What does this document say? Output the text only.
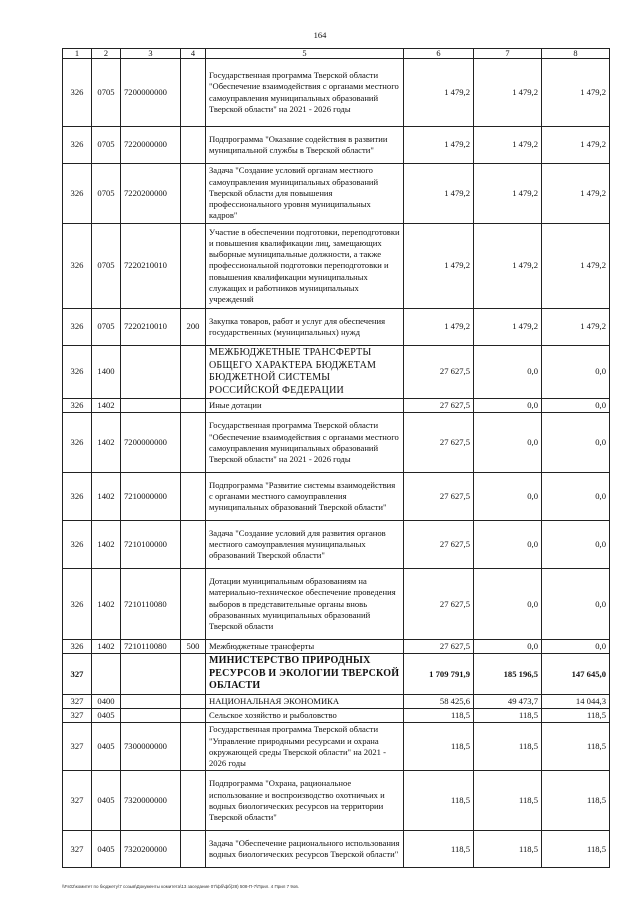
164
1	2	3	4	5	6	7	8
326	0705	7200000000		Государственная программа Тверской области "Обеспечение взаимодействия с органами местного самоуправления муниципальных образований Тверской области" на 2021 - 2026 годы	1 479,2	1 479,2	1 479,2
326	0705	7220000000		Подпрограмма "Оказание содействия в развитии муниципальной службы в Тверской области"	1 479,2	1 479,2	1 479,2
326	0705	7220200000		Задача "Создание условий органам местного самоуправления муниципальных образований Тверской области для повышения профессионального уровня муниципальных кадров"	1 479,2	1 479,2	1 479,2
326	0705	7220210010		Участие в обеспечении подготовки, переподготовки и повышения квалификации лиц, замещающих выборные муниципальные должности, а также профессиональной подготовки переподготовки и повышения квалификации муниципальных служащих и работников муниципальных учреждений	1 479,2	1 479,2	1 479,2
326	0705	7220210010	200	Закупка товаров, работ и услуг для обеспечения государственных (муниципальных) нужд	1 479,2	1 479,2	1 479,2
326	1400			МЕЖБЮДЖЕТНЫЕ ТРАНСФЕРТЫ ОБЩЕГО ХАРАКТЕРА БЮДЖЕТАМ БЮДЖЕТНОЙ СИСТЕМЫ РОССИЙСКОЙ ФЕДЕРАЦИИ	27 627,5	0,0	0,0
326	1402			Иные дотации	27 627,5	0,0	0,0
326	1402	7200000000		Государственная программа Тверской области "Обеспечение взаимодействия с органами местного самоуправления муниципальных образований Тверской области" на 2021 - 2026 годы	27 627,5	0,0	0,0
326	1402	7210000000		Подпрограмма "Развитие системы взаимодействия с органами местного самоуправления муниципальных образований Тверской области"	27 627,5	0,0	0,0
326	1402	7210100000		Задача "Создание условий для развития органов местного самоуправления муниципальных образований Тверской области"	27 627,5	0,0	0,0
326	1402	7210110080		Дотации муниципальным образованиям на материально-техническое обеспечение проведения выборов в представительные органы вновь образованных муниципальных образований Тверской области	27 627,5	0,0	0,0
326	1402	7210110080	500	Межбюджетные трансферты	27 627,5	0,0	0,0
327				МИНИСТЕРСТВО ПРИРОДНЫХ РЕСУРСОВ И ЭКОЛОГИИ ТВЕРСКОЙ ОБЛАСТИ	1 709 791,9	185 196,5	147 645,0
327	0400			НАЦИОНАЛЬНАЯ ЭКОНОМИКА	58 425,6	49 473,7	14 044,3
327	0405			Сельское хозяйство и рыболовство	118,5	118,5	118,5
327	0405	7300000000		Государственная программа Тверской области "Управление природными ресурсами и охрана окружающей среды Тверской области" на 2021 - 2026 годы	118,5	118,5	118,5
327	0405	7320000000		Подпрограмма "Охрана, рациональное использование и воспроизводство охотничьих и водных биологических ресурсов на территории Тверской области"	118,5	118,5	118,5
327	0405	7320200000		Задача "Обеспечение рационального использования водных биологических ресурсов Тверской области"	118,5	118,5	118,5
\\Fs02\комитет по бюджету\7 созыв\Документы комитета\13 заседание 07\фб\фб(28) 508-П-7\Прил. 4 Прил 7 9ов.
